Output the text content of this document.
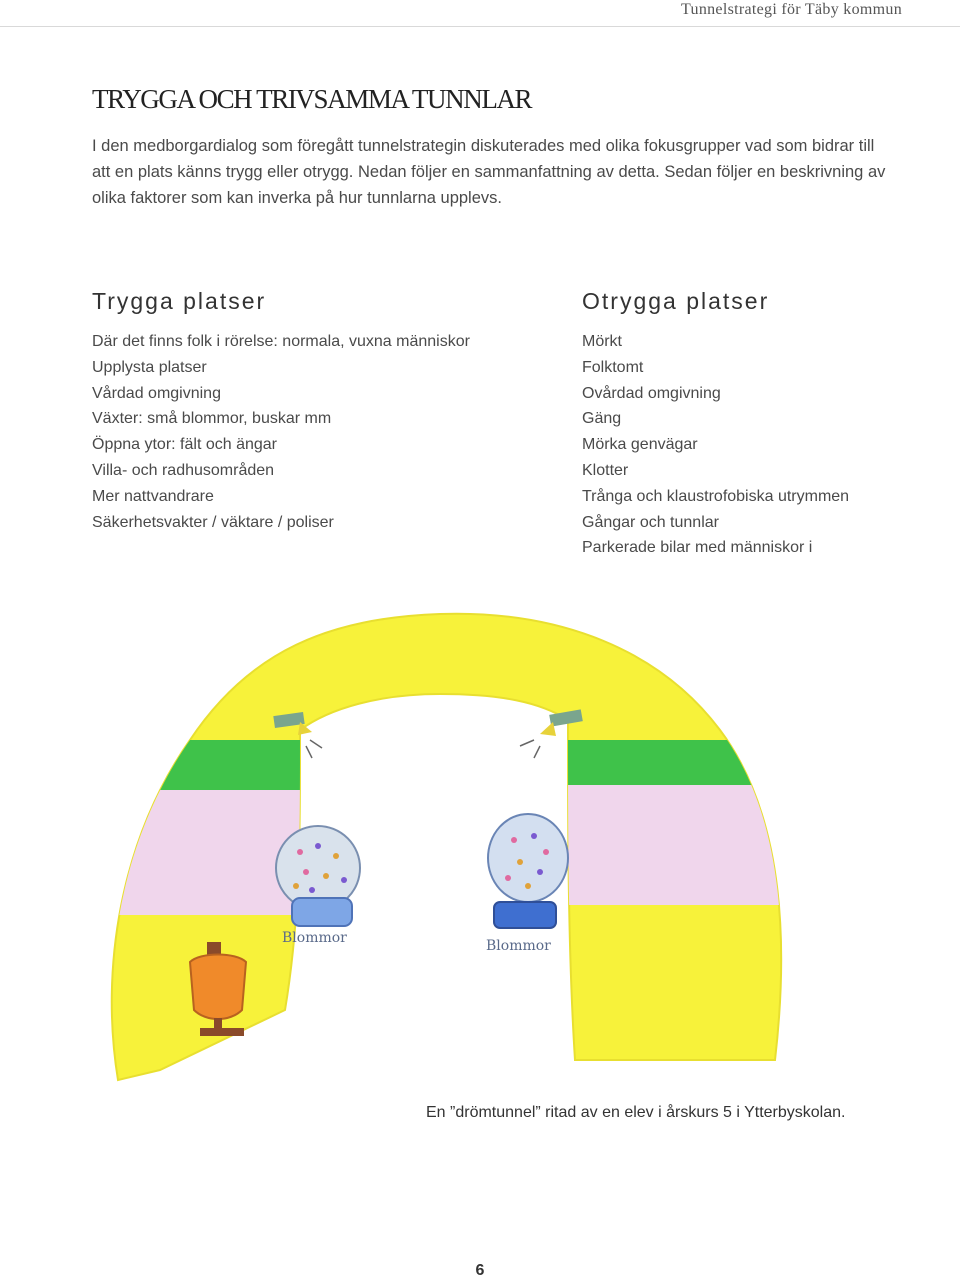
Tunnelstrategi för Täby kommun
TRYGGA OCH TRIVSAMMA TUNNLAR

I den medborgardialog som föregått tunnelstrategin diskuterades med olika fokusgrupper vad som bidrar till att en plats känns trygg eller otrygg. Nedan följer en sammanfattning av detta. Sedan följer en beskrivning av olika faktorer som kan inverka på hur tunnlarna upplevs.

Trygga platser
Där det finns folk i rörelse: normala, vuxna människor
Upplysta platser
Vårdad omgivning
Växter: små blommor, buskar mm
Öppna ytor: fält och ängar
Villa- och radhusområden
Mer nattvandrare
Säkerhetsvakter / väktare / poliser
Otrygga platser
Mörkt
Folktomt
Ovårdad omgivning
Gäng
Mörka genvägar
Klotter
Trånga och klaustrofobiska utrymmen
Gångar och tunnlar
Parkerade bilar med människor i
Blommor	Blommor

En ”drömtunnel” ritad av en elev i årskurs 5 i Ytterbyskolan.

6
